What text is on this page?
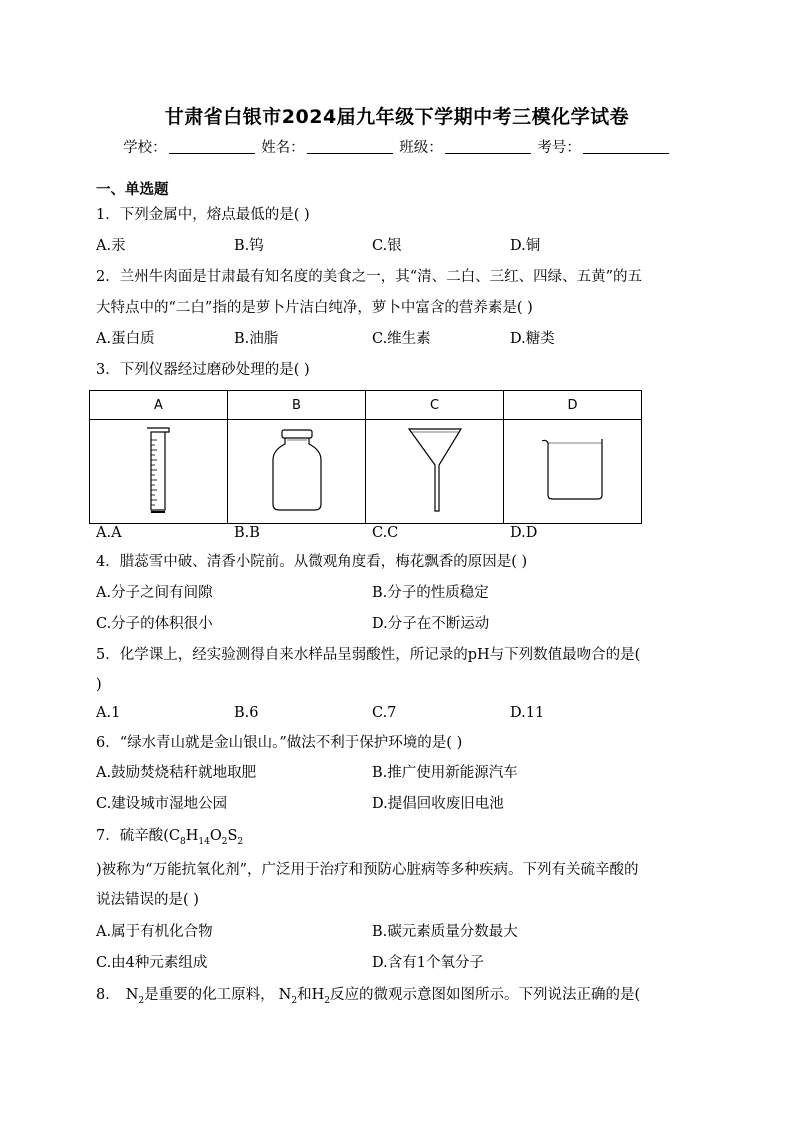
甘肃省白银市2024届九年级下学期中考三模化学试卷
学校：	姓名：	班级：	考号：
一、单选题
1．下列金属中，熔点最低的是( )
A.汞	B.钨	C.银	D.铜
2．兰州牛肉面是甘肃最有知名度的美食之一，其“清、二白、三红、四绿、五黄”的五
大特点中的“二白”指的是萝卜片洁白纯净，萝卜中富含的营养素是( )
A.蛋白质	B.油脂	C.维生素	D.糖类
3．下列仪器经过磨砂处理的是( )
A	B	C	D

A.A	B.B	C.C	D.D
4．腊蕊雪中破、清香小院前。从微观角度看，梅花飘香的原因是( )
A.分子之间有间隙	B.分子的性质稳定
C.分子的体积很小	D.分子在不断运动
5．化学课上，经实验测得自来水样品呈弱酸性，所记录的pH与下列数值最吻合的是(
)
A.1	B.6	C.7	D.11
6．“绿水青山就是金山银山。”做法不利于保护环境的是( )
A.鼓励焚烧秸秆就地取肥	B.推广使用新能源汽车
C.建设城市湿地公园	D.提倡回收废旧电池
7．硫辛酸($C_8H_{14}O_2S_2$
)被称为“万能抗氧化剂”，广泛用于治疗和预防心脏病等多种疾病。下列有关硫辛酸的
说法错误的是( )
A.属于有机化合物	B.碳元素质量分数最大
C.由4种元素组成	D.含有1个氧分子
8． $N_2$是重要的化工原料， $N_2$和$H_2$反应的微观示意图如图所示。下列说法正确的是(
